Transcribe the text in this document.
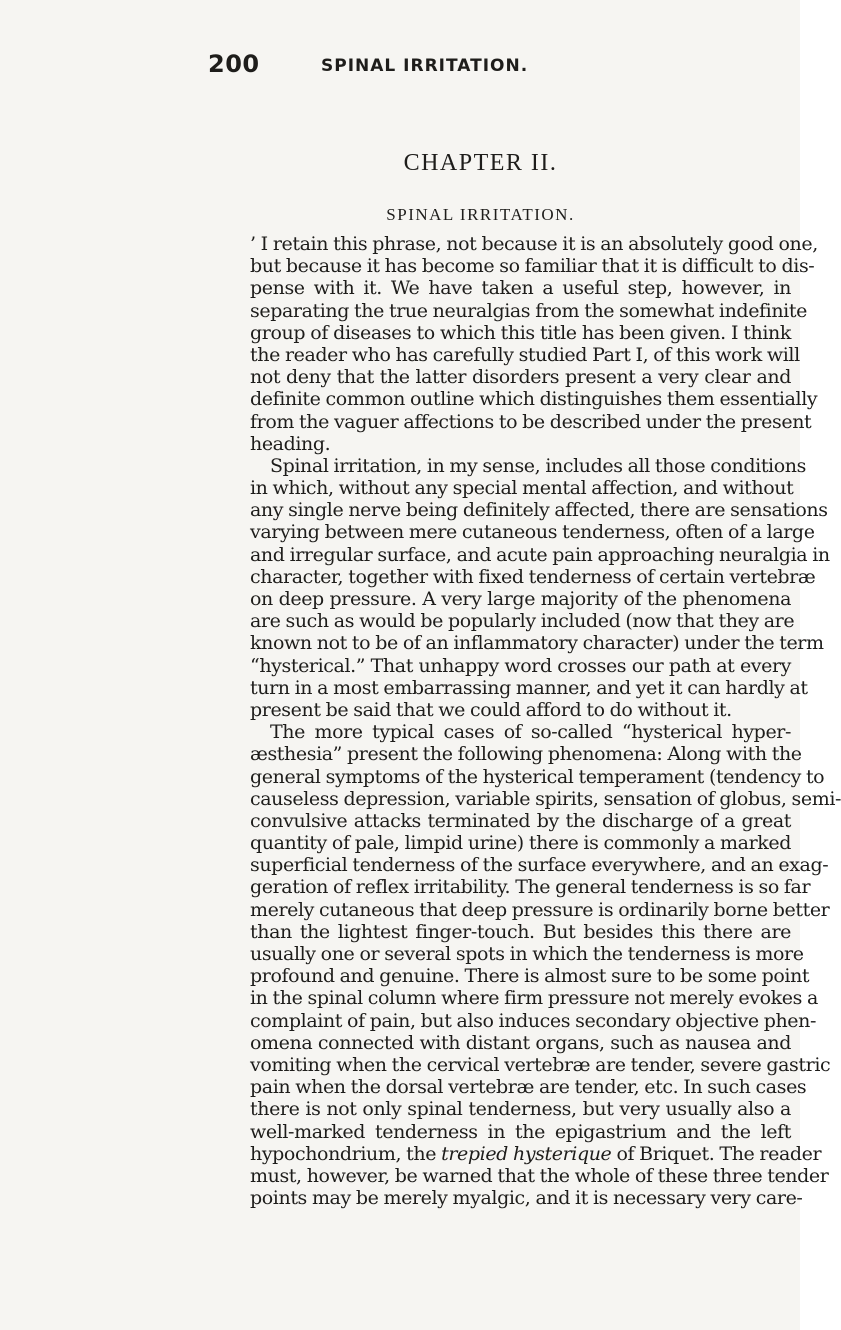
200	SPINAL IRRITATION.
CHAPTER II.
SPINAL IRRITATION.
’ I retain this phrase, not because it is an absolutely good one,
but because it has become so familiar that it is difficult to dis-
pense with it. We have taken a useful step, however, in
separating the true neuralgias from the somewhat indefinite
group of diseases to which this title has been given. I think
the reader who has carefully studied Part I, of this work will
not deny that the latter disorders present a very clear and
definite common outline which distinguishes them essentially
from the vaguer affections to be described under the present
heading.
Spinal irritation, in my sense, includes all those conditions
in which, without any special mental affection, and without
any single nerve being definitely affected, there are sensations
varying between mere cutaneous tenderness, often of a large
and irregular surface, and acute pain approaching neuralgia in
character, together with fixed tenderness of certain vertebræ
on deep pressure. A very large majority of the phenomena
are such as would be popularly included (now that they are
known not to be of an inflammatory character) under the term
“hysterical.” That unhappy word crosses our path at every
turn in a most embarrassing manner, and yet it can hardly at
present be said that we could afford to do without it.
The more typical cases of so-called “hysterical hyper-
æsthesia” present the following phenomena: Along with the
general symptoms of the hysterical temperament (tendency to
causeless depression, variable spirits, sensation of globus, semi-
convulsive attacks terminated by the discharge of a great
quantity of pale, limpid urine) there is commonly a marked
superficial tenderness of the surface everywhere, and an exag-
geration of reflex irritability. The general tenderness is so far
merely cutaneous that deep pressure is ordinarily borne better
than the lightest finger-touch. But besides this there are
usually one or several spots in which the tenderness is more
profound and genuine. There is almost sure to be some point
in the spinal column where firm pressure not merely evokes a
complaint of pain, but also induces secondary objective phen-
omena connected with distant organs, such as nausea and
vomiting when the cervical vertebræ are tender, severe gastric
pain when the dorsal vertebræ are tender, etc. In such cases
there is not only spinal tenderness, but very usually also a
well-marked tenderness in the epigastrium and the left
hypochondrium, the trepied hysterique of Briquet. The reader
must, however, be warned that the whole of these three tender
points may be merely myalgic, and it is necessary very care-
